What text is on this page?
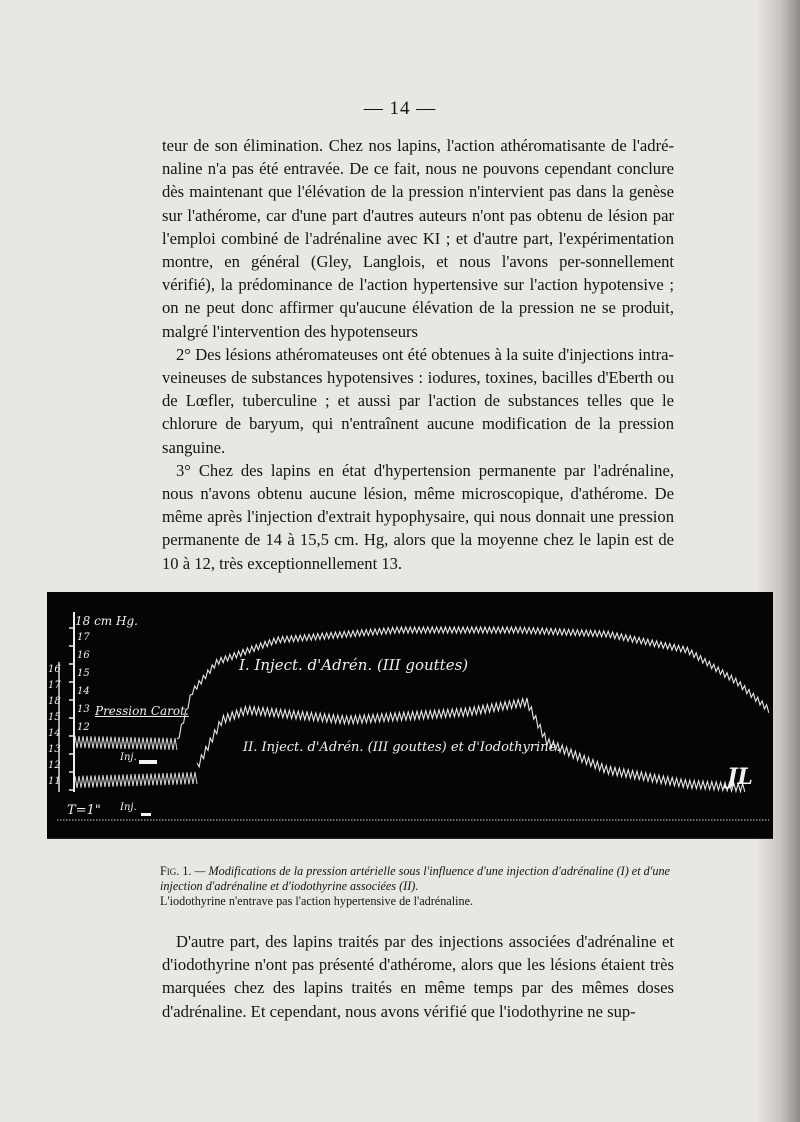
— 14 —

teur de son élimination. Chez nos lapins, l'action athéromatisante de l'adré-naline n'a pas été entravée. De ce fait, nous ne pouvons cependant conclure dès maintenant que l'élévation de la pression n'intervient pas dans la genèse sur l'athérome, car d'une part d'autres auteurs n'ont pas obtenu de lésion par l'emploi combiné de l'adrénaline avec KI ; et d'autre part, l'expérimentation montre, en général (Gley, Langlois, et nous l'avons per-sonnellement vérifié), la prédominance de l'action hypertensive sur l'action hypotensive ; on ne peut donc affirmer qu'aucune élévation de la pression ne se produit, malgré l'intervention des hypotenseurs

2° Des lésions athéromateuses ont été obtenues à la suite d'injections intra-veineuses de substances hypotensives : iodures, toxines, bacilles d'Eberth ou de Lœfler, tuberculine ; et aussi par l'action de substances telles que le chlorure de baryum, qui n'entraînent aucune modification de la pression sanguine.

3° Chez des lapins en état d'hypertension permanente par l'adrénaline, nous n'avons obtenu aucune lésion, même microscopique, d'athérome. De même après l'injection d'extrait hypophysaire, qui nous donnait une pression permanente de 14 à 15,5 cm. Hg, alors que la moyenne chez le lapin est de 10 à 12, très exceptionnellement 13.

18 cm Hg.
Pression Carot.
Inj.
Inj.
T=1"
I. Inject. d'Adrén. (III gouttes)
II. Inject. d'Adrén. (III gouttes) et d'Iodothyrine.
JL
16
17
18
15
14
13
12
11
17
16
15
14
13
12
Fig. 1. — Modifications de la pression artérielle sous l'influence d'une injection d'adrénaline (I) et d'une injection d'adrénaline et d'iodothyrine associées (II).
L'iodothyrine n'entrave pas l'action hypertensive de l'adrénaline.

D'autre part, des lapins traités par des injections associées d'adrénaline et d'iodothyrine n'ont pas présenté d'athérome, alors que les lésions étaient très marquées chez des lapins traités en même temps par des mêmes doses d'adrénaline. Et cependant, nous avons vérifié que l'iodothyrine ne sup-
